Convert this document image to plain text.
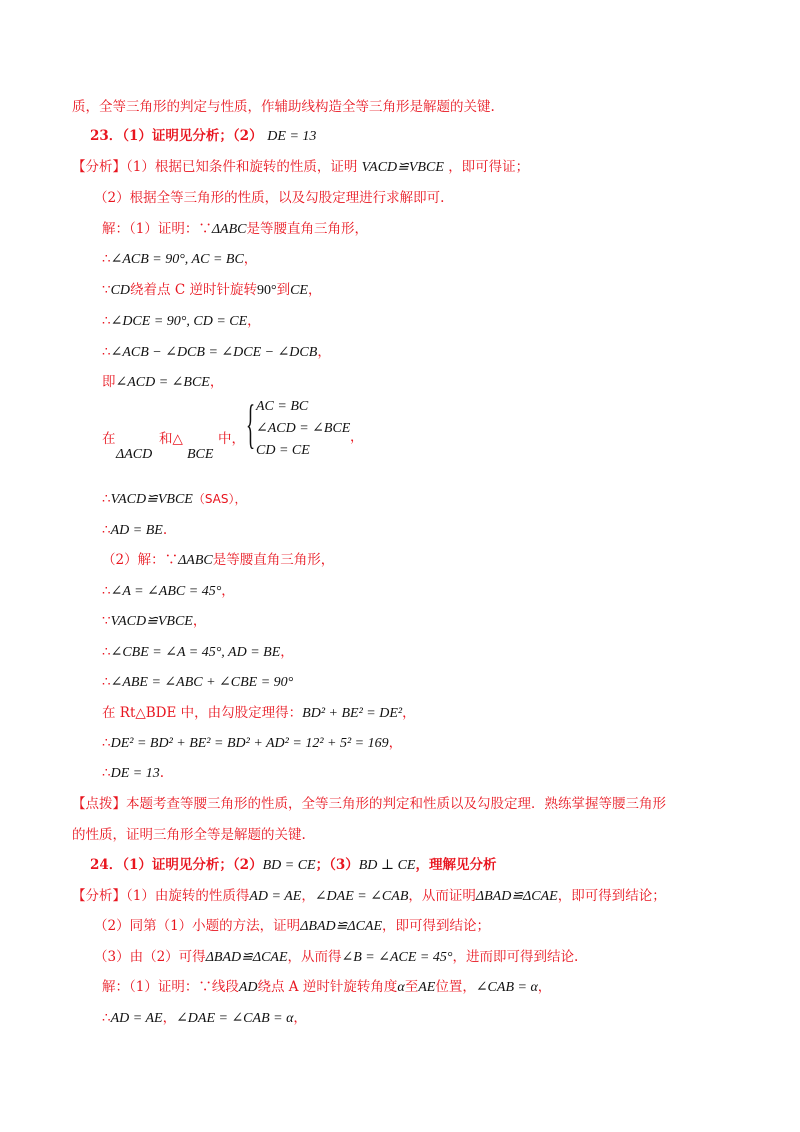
质，全等三角形的判定与性质，作辅助线构造全等三角形是解题的关键.
23．（1）证明见分析；（2） DE = 13
【分析】（1）根据已知条件和旋转的性质，证明 VACD≌VBCE ，即可得证；
（2）根据全等三角形的性质，以及勾股定理进行求解即可.
解：（1）证明：∵ΔABC是等腰直角三角形，
∴∠ACB = 90°, AC = BC，
∵CD绕着点 C 逆时针旋转90°到CE，
∴∠DCE = 90°, CD = CE，
∴∠ACB − ∠DCB = ∠DCE − ∠DCB，
即∠ACD = ∠BCE，
在
ΔACD
和△
BCE
中， { AC = BC
∠ACD = ∠BCE
CD = CE
，
∴VACD≌VBCE（SAS），
∴AD = BE.
（2）解：∵ΔABC是等腰直角三角形，
∴∠A = ∠ABC = 45°，
∵VACD≌VBCE，
∴∠CBE = ∠A = 45°, AD = BE，
∴∠ABE = ∠ABC + ∠CBE = 90°
在 Rt△BDE 中，由勾股定理得：BD² + BE² = DE²，
∴DE² = BD² + BE² = BD² + AD² = 12² + 5² = 169，
∴DE = 13.
【点拨】本题考查等腰三角形的性质，全等三角形的判定和性质以及勾股定理．熟练掌握等腰三角形
的性质，证明三角形全等是解题的关键.
24．（1）证明见分析；（2）BD = CE；（3）BD ⊥ CE，理解见分析
【分析】（1）由旋转的性质得AD = AE，∠DAE = ∠CAB，从而证明ΔBAD≌ΔCAE，即可得到结论；
（2）同第（1）小题的方法，证明ΔBAD≌ΔCAE，即可得到结论；
（3）由（2）可得ΔBAD≌ΔCAE，从而得∠B = ∠ACE = 45°，进而即可得到结论.
解：（1）证明：∵线段AD绕点 A 逆时针旋转角度α至AE位置，∠CAB = α，
∴AD = AE，∠DAE = ∠CAB = α，
